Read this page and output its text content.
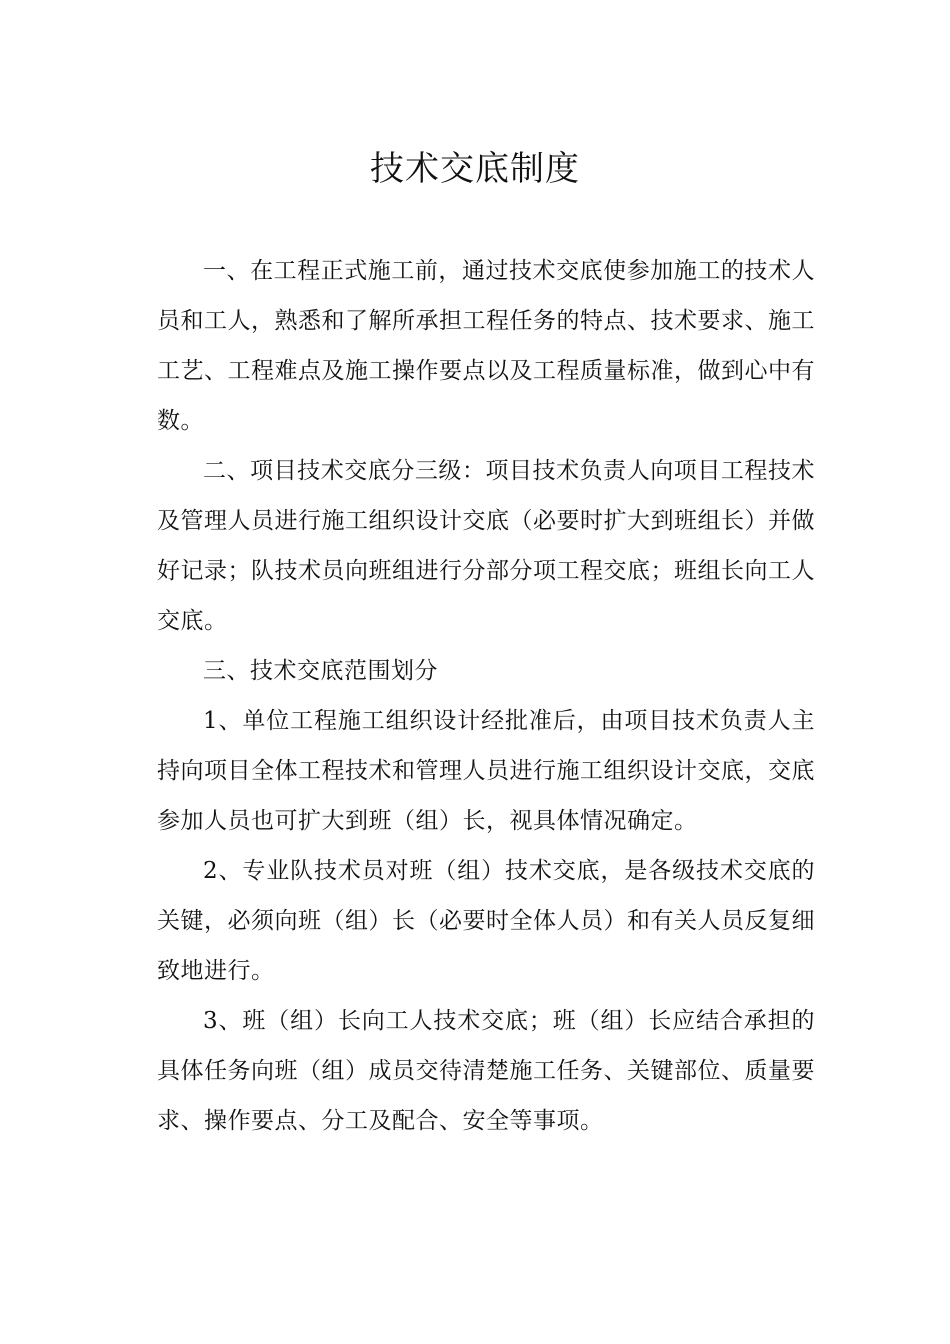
技术交底制度

一、在工程正式施工前，通过技术交底使参加施工的技术人员和工人，熟悉和了解所承担工程任务的特点、技术要求、施工工艺、工程难点及施工操作要点以及工程质量标准，做到心中有数。

二、项目技术交底分三级：项目技术负责人向项目工程技术及管理人员进行施工组织设计交底（必要时扩大到班组长）并做好记录；队技术员向班组进行分部分项工程交底；班组长向工人交底。

三、技术交底范围划分

1、单位工程施工组织设计经批准后，由项目技术负责人主持向项目全体工程技术和管理人员进行施工组织设计交底，交底参加人员也可扩大到班（组）长，视具体情况确定。

2、专业队技术员对班（组）技术交底，是各级技术交底的关键，必须向班（组）长（必要时全体人员）和有关人员反复细致地进行。

3、班（组）长向工人技术交底；班（组）长应结合承担的具体任务向班（组）成员交待清楚施工任务、关键部位、质量要求、操作要点、分工及配合、安全等事项。
